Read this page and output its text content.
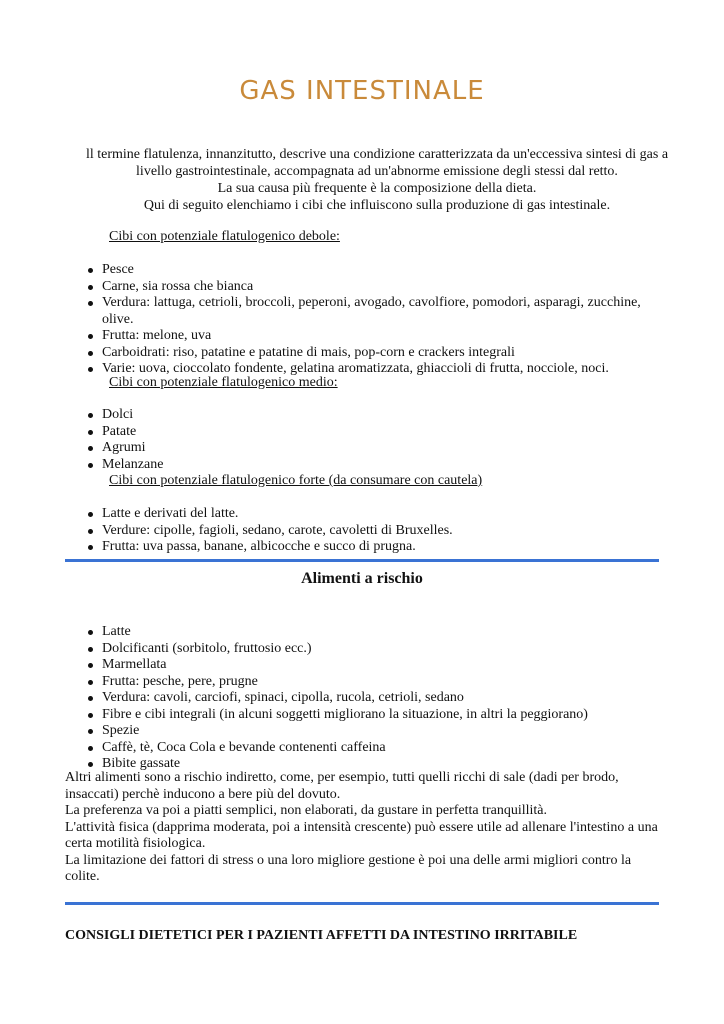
GAS INTESTINALE

ll termine flatulenza, innanzitutto, descrive una condizione caratterizzata da un'eccessiva sintesi di gas a livello gastrointestinale, accompagnata ad un'abnorme emissione degli stessi dal retto.

La sua causa più frequente è la composizione della dieta.

Qui di seguito elenchiamo i cibi che influiscono sulla produzione di gas intestinale.

Cibi con potenziale flatulogenico debole:

Pesce
Carne, sia rossa che bianca
Verdura: lattuga, cetrioli, broccoli, peperoni, avogado, cavolfiore, pomodori, asparagi, zucchine, olive.
Frutta: melone, uva
Carboidrati: riso, patatine e patatine di mais, pop-corn e crackers integrali
Varie: uova, cioccolato fondente, gelatina aromatizzata, ghiaccioli di frutta, nocciole, noci.

Cibi con potenziale flatulogenico medio:

Dolci
Patate
Agrumi
Melanzane

Cibi con potenziale flatulogenico forte (da consumare con cautela)

Latte e derivati del latte.
Verdure: cipolle, fagioli, sedano, carote, cavoletti di Bruxelles.
Frutta: uva passa, banane, albicocche e succo di prugna.
Alimenti a rischio
Latte
Dolcificanti (sorbitolo, fruttosio ecc.)
Marmellata
Frutta: pesche, pere, prugne
Verdura: cavoli, carciofi, spinaci, cipolla, rucola, cetrioli, sedano
Fibre e cibi integrali (in alcuni soggetti migliorano la situazione, in altri la peggiorano)
Spezie
Caffè, tè, Coca Cola e bevande contenenti caffeina
Bibite gassate

Altri alimenti sono a rischio indiretto, come, per esempio, tutti quelli ricchi di sale (dadi per brodo, insaccati) perchè inducono a bere più del dovuto.

La preferenza va poi a piatti semplici, non elaborati, da gustare in perfetta tranquillità.

L'attività fisica (dapprima moderata, poi a intensità crescente) può essere utile ad allenare l'intestino a una certa motilità fisiologica.

La limitazione dei fattori di stress o una loro migliore gestione è poi una delle armi migliori contro la colite.

CONSIGLI DIETETICI PER I PAZIENTI AFFETTI DA INTESTINO IRRITABILE
